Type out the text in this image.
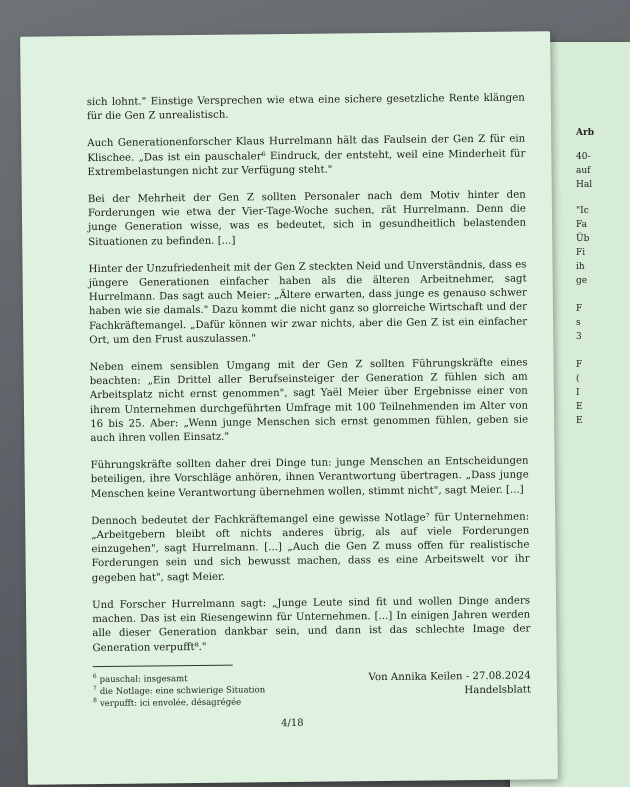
Arb
40-
auf
Hal
"Ic
Fa
Üb
Fi
ih
ge
F
s
3
F
(
I
E
E

sich lohnt." Einstige Versprechen wie etwa eine sichere gesetzliche Rente klängen für die Gen Z unrealistisch.

Auch Generationenforscher Klaus Hurrelmann hält das Faulsein der Gen Z für ein Klischee. „Das ist ein pauschaler⁶ Eindruck, der entsteht, weil eine Minderheit für Extrembelastungen nicht zur Verfügung steht."

Bei der Mehrheit der Gen Z sollten Personaler nach dem Motiv hinter den Forderungen wie etwa der Vier-Tage-Woche suchen, rät Hurrelmann. Denn die junge Generation wisse, was es bedeutet, sich in gesundheitlich belastenden Situationen zu befinden. [...]

Hinter der Unzufriedenheit mit der Gen Z steckten Neid und Unverständnis, dass es jüngere Generationen einfacher haben als die älteren Arbeitnehmer, sagt Hurrelmann. Das sagt auch Meier: „Ältere erwarten, dass junge es genauso schwer haben wie sie damals." Dazu kommt die nicht ganz so glorreiche Wirtschaft und der Fachkräftemangel. „Dafür können wir zwar nichts, aber die Gen Z ist ein einfacher Ort, um den Frust auszulassen."

Neben einem sensiblen Umgang mit der Gen Z sollten Führungskräfte eines beachten: „Ein Drittel aller Berufseinsteiger der Generation Z fühlen sich am Arbeitsplatz nicht ernst genommen", sagt Yaël Meier über Ergebnisse einer von ihrem Unternehmen durchgeführten Umfrage mit 100 Teilnehmenden im Alter von 16 bis 25. Aber: „Wenn junge Menschen sich ernst genommen fühlen, geben sie auch ihren vollen Einsatz."

Führungskräfte sollten daher drei Dinge tun: junge Menschen an Entscheidungen beteiligen, ihre Vorschläge anhören, ihnen Verantwortung übertragen. „Dass junge Menschen keine Verantwortung übernehmen wollen, stimmt nicht", sagt Meier. [...]

Dennoch bedeutet der Fachkräftemangel eine gewisse Notlage⁷ für Unternehmen: „Arbeitgebern bleibt oft nichts anderes übrig, als auf viele Forderungen einzugehen", sagt Hurrelmann. [...] „Auch die Gen Z muss offen für realistische Forderungen sein und sich bewusst machen, dass es eine Arbeitswelt vor ihr gegeben hat", sagt Meier.

Und Forscher Hurrelmann sagt: „Junge Leute sind fit und wollen Dinge anders machen. Das ist ein Riesengewinn für Unternehmen. [...] In einigen Jahren werden alle dieser Generation dankbar sein, und dann ist das schlechte Image der Generation verpufft⁸."

Von Annika Keilen - 27.08.2024
Handelsblatt
$^6$ pauschal: insgesamt
$^7$ die Notlage: eine schwierige Situation
$^8$ verpufft: ici envolée, désagrégée
4/18
